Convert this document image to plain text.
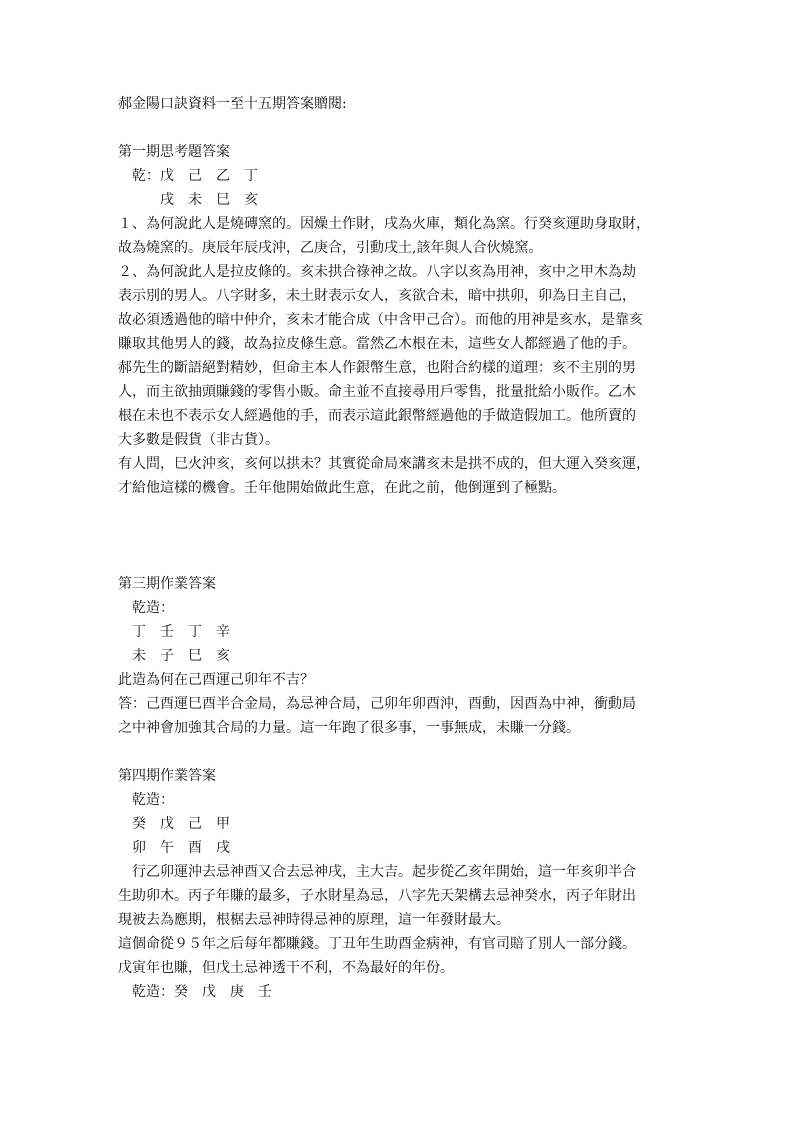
郝金陽口訣資料一至十五期答案贈閱:

第一期思考題答案

乾：戊　己　乙　丁

戌　未　巳　亥

１、為何說此人是燒磚窯的。因燥土作財，戌為火庫，類化為窯。行癸亥運助身取財，

故為燒窯的。庚辰年辰戌沖，乙庚合，引動戌土,該年與人合伙燒窯。

２、為何說此人是拉皮條的。亥未拱合祿神之故。八字以亥為用神，亥中之甲木為劫

表示別的男人。八字財多，未土財表示女人，亥欲合未，暗中拱卯，卯為日主自己，

故必須透過他的暗中仲介，亥未才能合成（中含甲己合）。而他的用神是亥水，是靠亥

賺取其他男人的錢，故為拉皮條生意。當然乙木根在未，這些女人都經過了他的手。

郝先生的斷語絕對精妙，但命主本人作銀幣生意，也附合約樣的道理：亥不主別的男

人，而主欲抽頭賺錢的零售小販。命主並不直接尋用戶零售，批量批給小販作。乙木

根在未也不表示女人經過他的手，而表示這此銀幣經過他的手做造假加工。他所賣的

大多數是假貨（非古貨）。

有人問，巳火沖亥，亥何以拱未？其實從命局來講亥未是拱不成的，但大運入癸亥運，

才給他這樣的機會。壬年他開始做此生意，在此之前，他倒運到了極點。

第三期作業答案

乾造：

丁　壬　丁　辛

未　子　巳　亥

此造為何在己酉運己卯年不吉？

答：己酉運巳酉半合金局，為忌神合局，己卯年卯酉沖，酉動，因酉為中神，衝動局

之中神會加強其合局的力量。這一年跑了很多事，一事無成，未賺一分錢。

第四期作業答案

乾造：

癸　戊　己　甲

卯　午　酉　戌

行乙卯運沖去忌神酉又合去忌神戌，主大吉。起步從乙亥年開始，這一年亥卯半合

生助卯木。丙子年賺的最多，子水財星為忌，八字先天架構去忌神癸水，丙子年財出

現被去為應期，根椐去忌神時得忌神的原理，這一年發財最大。

這個命從９５年之后每年都賺錢。丁丑年生助酉金病神，有官司賠了別人一部分錢。

戊寅年也賺，但戊土忌神透干不利，不為最好的年份。

乾造：癸　戊　庚　壬
